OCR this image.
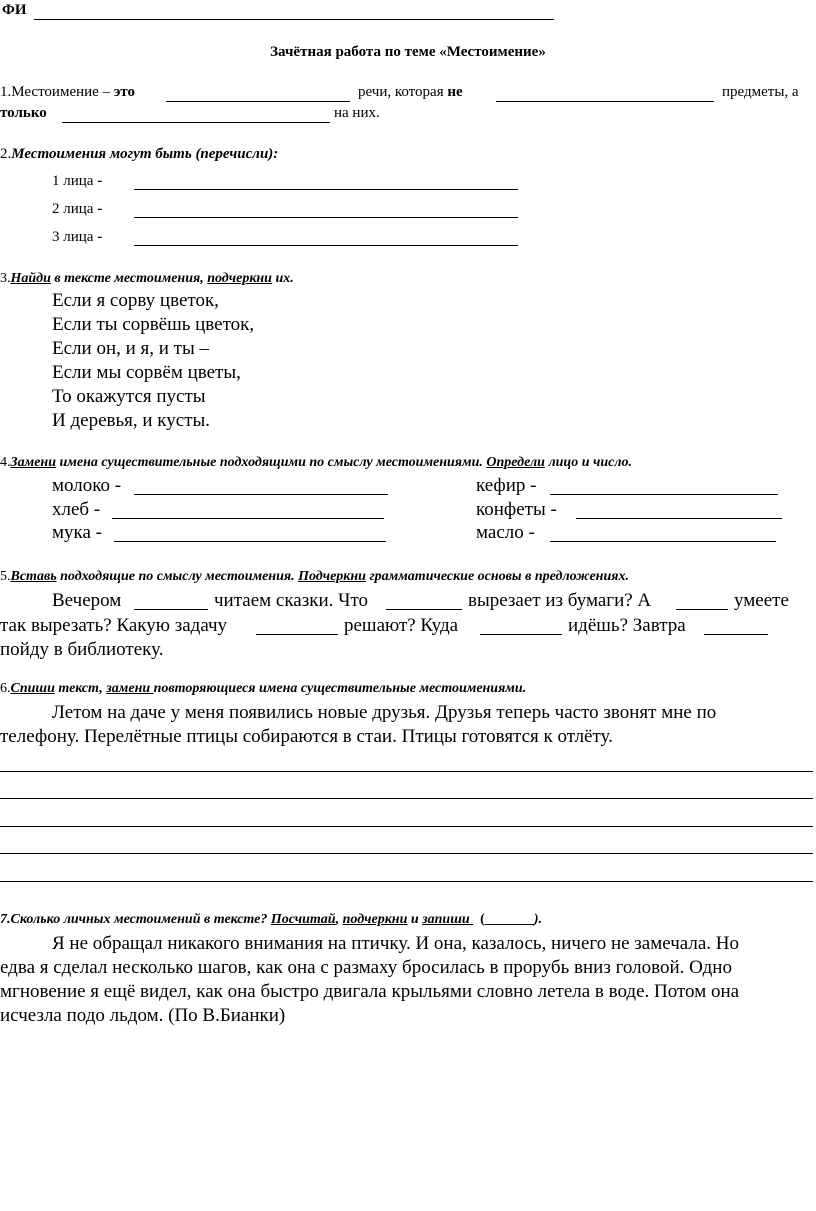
ФИ
Зачётная работа по теме «Местоимение»
1.Местоимение – это	речи, которая не	предметы, а
только	на них.
2.Местоимения могут быть (перечисли):
1 лица -
2 лица -
3 лица -
3.Найди в тексте местоимения, подчеркни их.
Если я сорву цветок,
Если ты сорвёшь цветок,
Если он, и я, и ты –
Если мы сорвём цветы,
То окажутся пусты
И деревья, и кусты.
4.Замени имена существительные подходящими по смыслу местоимениями. Определи лицо и число.
молоко -	кефир -
хлеб -	конфеты -
мука -	масло -
5.Вставь подходящие по смыслу местоимения. Подчеркни грамматические основы в предложениях.
Вечером	читаем сказки. Что	вырезает из бумаги? А	умеете
так вырезать? Какую задачу	решают? Куда	идёшь? Завтра
пойду в библиотеку.
6.Спиши текст, замени повторяющиеся имена существительные местоимениями.
Летом на даче у меня появились новые друзья. Друзья теперь часто звонят мне по
телефону. Перелётные птицы собираются в стаи. Птицы готовятся к отлёту.
7.Сколько личных местоимений в тексте? Посчитай, подчеркни и запиши   (_______).
Я не обращал никакого внимания на птичку. И она, казалось, ничего не замечала. Но
едва я сделал несколько шагов, как она с размаху бросилась в прорубь вниз головой. Одно
мгновение я ещё видел, как она быстро двигала крыльями словно летела в воде. Потом она
исчезла подо льдом. (По В.Бианки)
